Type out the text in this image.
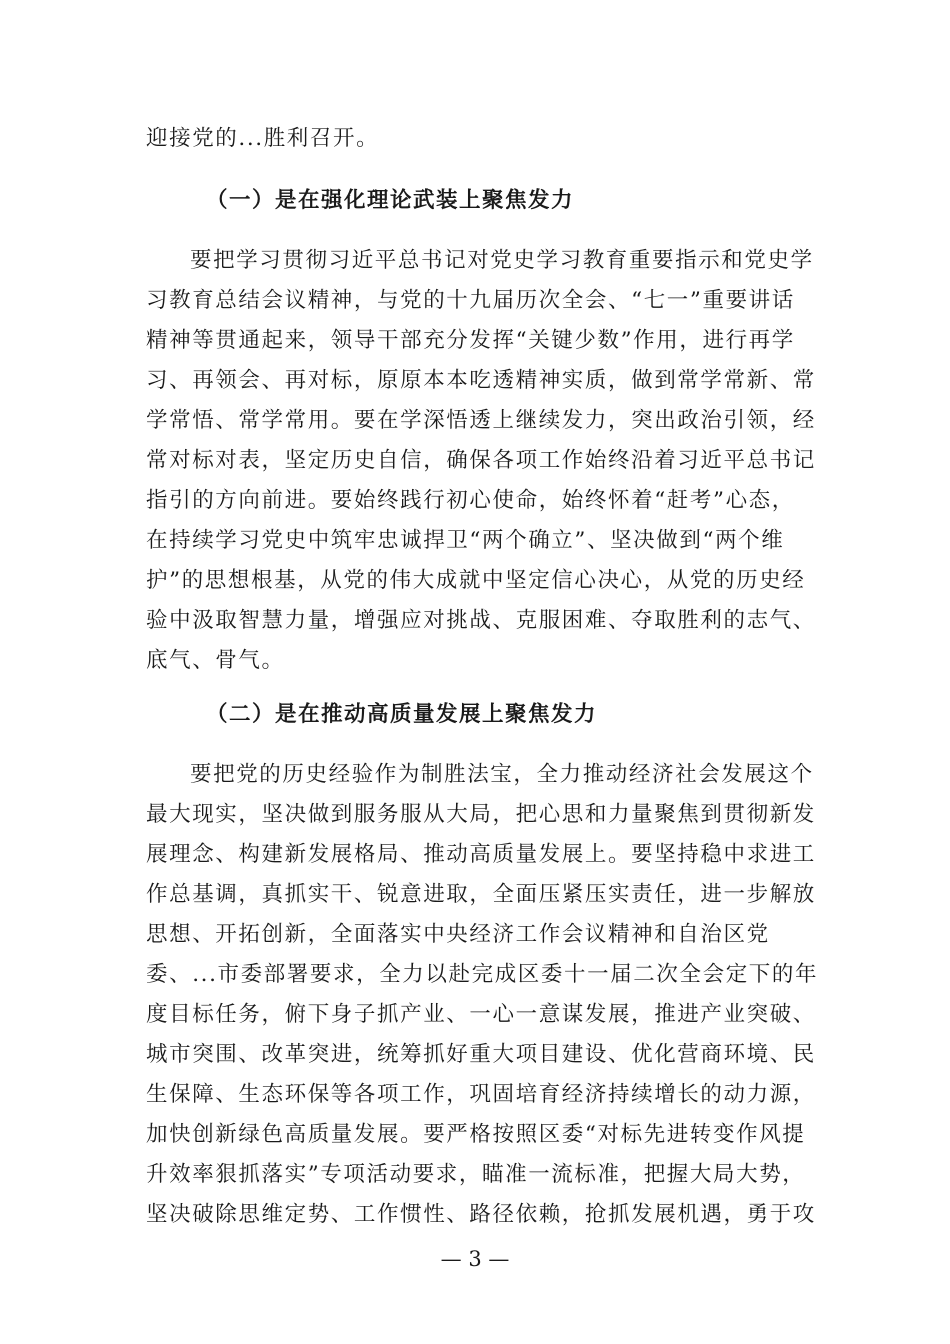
迎接党的...胜利召开。
（一）是在强化理论武装上聚焦发力
要把学习贯彻习近平总书记对党史学习教育重要指示和党史学
习教育总结会议精神，与党的十九届历次全会、“七一”重要讲话
精神等贯通起来，领导干部充分发挥“关键少数”作用，进行再学
习、再领会、再对标，原原本本吃透精神实质，做到常学常新、常
学常悟、常学常用。要在学深悟透上继续发力，突出政治引领，经
常对标对表，坚定历史自信，确保各项工作始终沿着习近平总书记
指引的方向前进。要始终践行初心使命，始终怀着“赶考”心态，
在持续学习党史中筑牢忠诚捍卫“两个确立”、坚决做到“两个维
护”的思想根基，从党的伟大成就中坚定信心决心，从党的历史经
验中汲取智慧力量，增强应对挑战、克服困难、夺取胜利的志气、
底气、骨气。
（二）是在推动高质量发展上聚焦发力
要把党的历史经验作为制胜法宝，全力推动经济社会发展这个
最大现实，坚决做到服务服从大局，把心思和力量聚焦到贯彻新发
展理念、构建新发展格局、推动高质量发展上。要坚持稳中求进工
作总基调，真抓实干、锐意进取，全面压紧压实责任，进一步解放
思想、开拓创新，全面落实中央经济工作会议精神和自治区党
委、...市委部署要求，全力以赴完成区委十一届二次全会定下的年
度目标任务，俯下身子抓产业、一心一意谋发展，推进产业突破、
城市突围、改革突进，统筹抓好重大项目建设、优化营商环境、民
生保障、生态环保等各项工作，巩固培育经济持续增长的动力源，
加快创新绿色高质量发展。要严格按照区委“对标先进转变作风提
升效率狠抓落实”专项活动要求，瞄准一流标准，把握大局大势，
坚决破除思维定势、工作惯性、路径依赖，抢抓发展机遇，勇于攻
— 3 —
